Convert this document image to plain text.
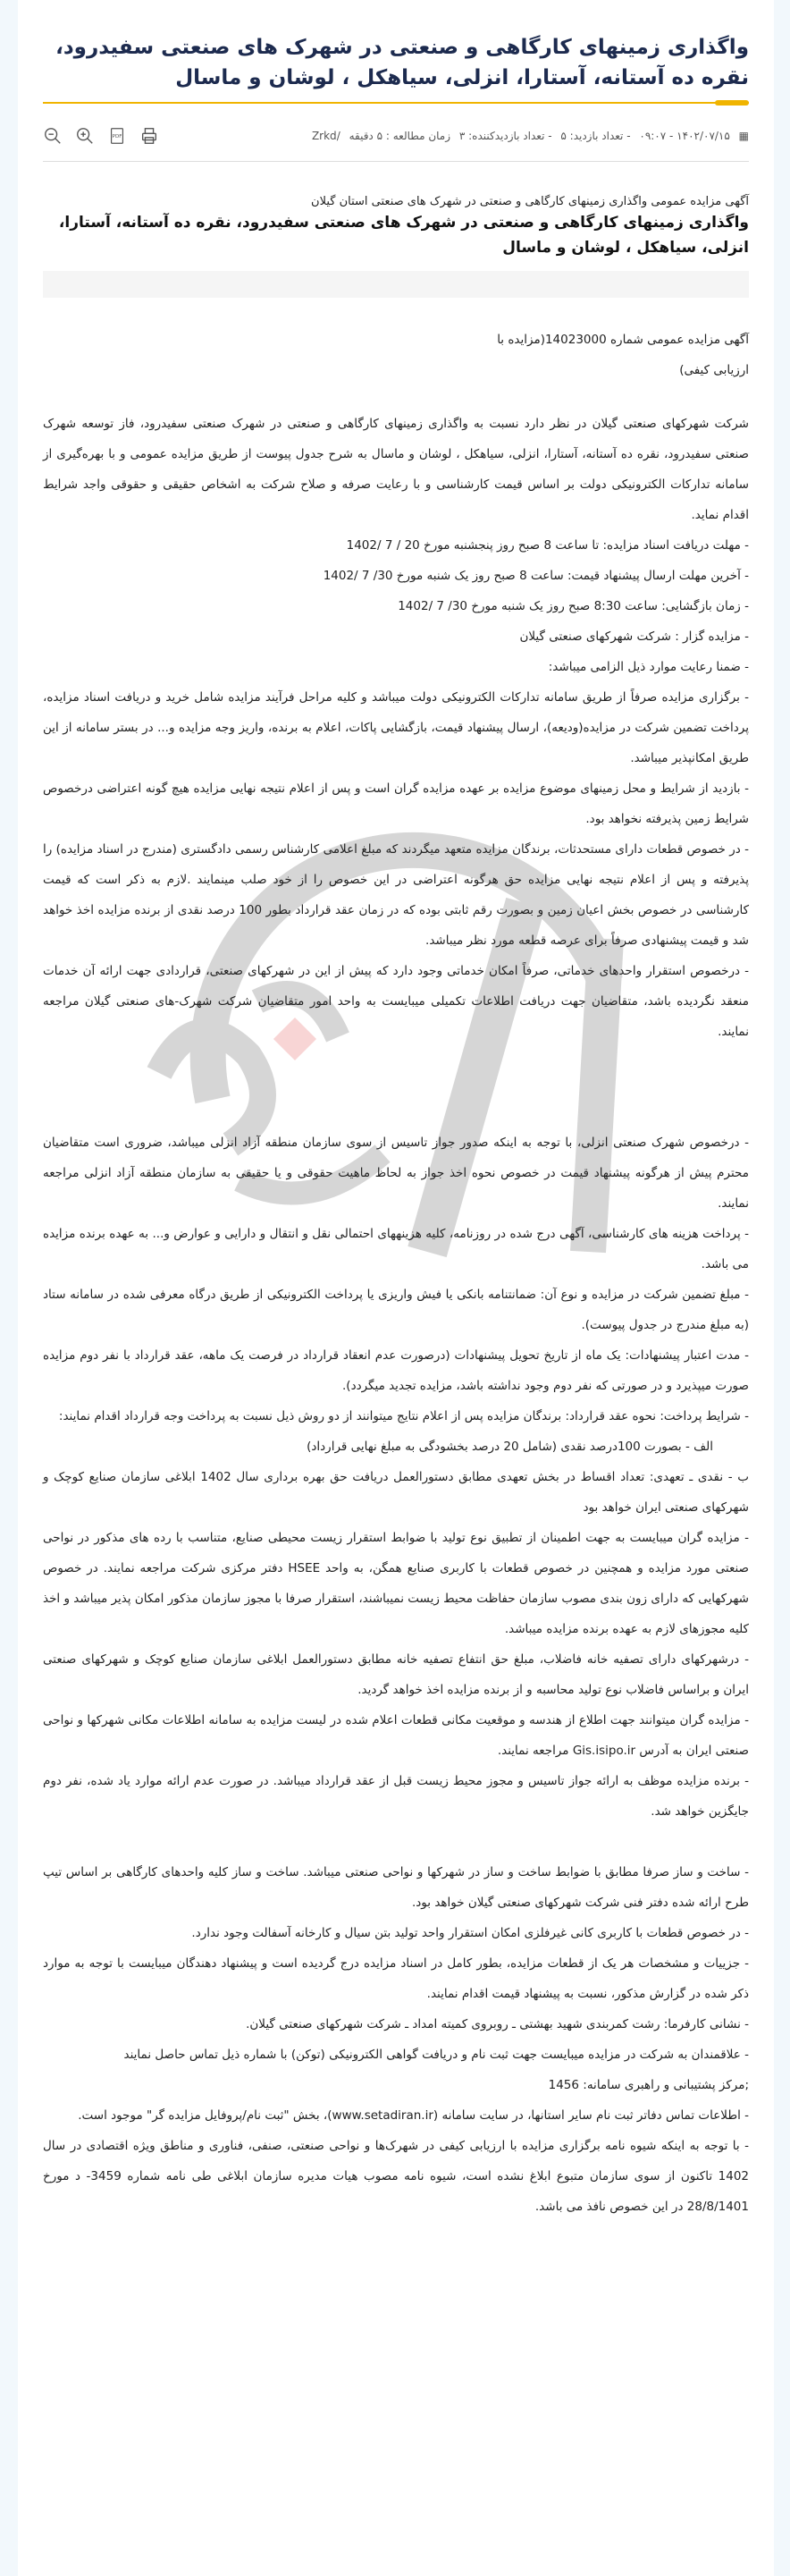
واگذاری زمینهای کارگاهی و صنعتی در شهرک های صنعتی سفیدرود، نقره ده آستانه، آستارا، انزلی، سیاهکل ، لوشان و ماسال
▦ ۱۴۰۲/۰۷/۱۵ - ۰۹:۰۷ - تعداد بازدید: ۵ - تعداد بازدیدکننده: ۳ زمان مطالعه : ۵ دقیقه /Zrkd
PDF
آگهی مزایده عمومی واگذاری زمینهای کارگاهی و صنعتی در شهرک های صنعتی استان گیلان
واگذاری زمینهای کارگاهی و صنعتی در شهرک های صنعتی سفیدرود، نقره ده آستانه، آستارا، انزلی، سیاهکل ، لوشان و ماسال

آگهی مزایده عمومی شماره 14023000(مزایده با

ارزیابی کیفی)

شرکت شهرکهای صنعتی گیلان در نظر دارد نسبت به واگذاری زمینهای کارگاهی و صنعتی در شهرک صنعتی سفیدرود، فاز توسعه شهرک صنعتی سفیدرود، نقره ده آستانه، آستارا، انزلی، سیاهکل ، لوشان و ماسال به شرح جدول پیوست از طریق مزایده عمومی و با بهره‌گیری از سامانه تدارکات الکترونیکی دولت بر اساس قیمت کارشناسی و با رعایت صرفه و صلاح شرکت به اشخاص حقیقی و حقوقی واجد شرایط اقدام نماید.

- مهلت دریافت اسناد مزایده: تا ساعت 8 صبح روز پنجشنبه مورخ 20 / 7 /1402

- آخرین مهلت ارسال پیشنهاد قیمت: ساعت 8 صبح روز یک شنبه مورخ 30/ 7 /1402

- زمان بازگشایی: ساعت 8:30 صبح روز یک شنبه مورخ 30/ 7 /1402

- مزایده گزار : شرکت شهرکهای صنعتی گیلان

- ضمنا رعایت موارد ذیل الزامی میباشد:

- برگزاری مزایده صرفاً از طریق سامانه تدارکات الکترونیکی دولت میباشد و کلیه مراحل فرآیند مزایده شامل خرید و دریافت اسناد مزایده، پرداخت تضمین شرکت در مزایده(ودیعه)، ارسال پیشنهاد قیمت، بازگشایی پاکات، اعلام به برنده، واریز وجه مزایده و... در بستر سامانه از این طریق امکانپذیر میباشد.

- بازدید از شرایط و محل زمینهای موضوع مزایده بر عهده مزایده گران است و پس از اعلام نتیجه نهایی مزایده هیچ گونه اعتراضی درخصوص شرایط زمین پذیرفته نخواهد بود.

- در خصوص قطعات دارای مستحدثات، برندگان مزایده متعهد میگردند که مبلغ اعلامی کارشناس رسمی دادگستری (مندرج در اسناد مزایده) را پذیرفته و پس از اعلام نتیجه نهایی مزایده حق هرگونه اعتراضی در این خصوص را از خود صلب مینمایند .لازم به ذکر است که قیمت کارشناسی در خصوص بخش اعیان زمین و بصورت رقم ثابتی بوده که در زمان عقد قرارداد بطور 100 درصد نقدی از برنده مزایده اخذ خواهد شد و قیمت پیشنهادی صرفاً برای عرصه قطعه مورد نظر میباشد.

- درخصوص استقرار واحدهای خدماتی، صرفاً امکان خدماتی وجود دارد که پیش از این در شهرکهای صنعتی، قراردادی جهت ارائه آن خدمات منعقد نگردیده باشد، متقاضیان جهت دریافت اطلاعات تکمیلی میبایست به واحد امور متقاضیان شرکت شهرک-های صنعتی گیلان مراجعه نمایند.

- درخصوص شهرک صنعتی انزلی، با توجه به اینکه صدور جواز تاسیس از سوی سازمان منطقه آزاد انزلی میباشد، ضروری است متقاضیان محترم پیش از هرگونه پیشنهاد قیمت در خصوص نحوه اخذ جواز به لحاظ ماهیت حقوقی و یا حقیقی به سازمان منطقه آزاد انزلی مراجعه نمایند.

- پرداخت هزینه های کارشناسی، آگهی درج شده در روزنامه، کلیه هزینههای احتمالی نقل و انتقال و دارایی و عوارض و... به عهده برنده مزایده می باشد.

- مبلغ تضمین شرکت در مزایده و نوع آن: ضمانتنامه بانکی یا فیش واریزی یا پرداخت الکترونیکی از طریق درگاه معرفی شده در سامانه ستاد (به مبلغ مندرج در جدول پیوست).

- مدت اعتبار پیشنهادات: یک ماه از تاریخ تحویل پیشنهادات (درصورت عدم انعقاد قرارداد در فرصت یک ماهه، عقد قرارداد با نفر دوم مزایده صورت میپذیرد و در صورتی که نفر دوم وجود نداشته باشد، مزایده تجدید میگردد).

- شرایط پرداخت: نحوه عقد قرارداد: برندگان مزایده پس از اعلام نتایج میتوانند از دو روش ذیل نسبت به پرداخت وجه قرارداد اقدام نمایند:

الف - بصورت 100درصد نقدی (شامل 20 درصد بخشودگی به مبلغ نهایی قرارداد)

ب - نقدی ـ تعهدی: تعداد اقساط در بخش تعهدی مطابق دستورالعمل دریافت حق بهره برداری سال 1402 ابلاغی سازمان صنایع کوچک و شهرکهای صنعتی ایران خواهد بود

- مزایده گران میبایست به جهت اطمینان از تطبیق نوع تولید با ضوابط استقرار زیست محیطی صنایع، متناسب با رده های مذکور در نواحی صنعتی مورد مزایده و همچنین در خصوص قطعات با کاربری صنایع همگن، به واحد HSEE دفتر مرکزی شرکت مراجعه نمایند. در خصوص شهرکهایی که دارای زون بندی مصوب سازمان حفاظت محیط زیست نمیباشند، استقرار صرفا با مجوز سازمان مذکور امکان پذیر میباشد و اخذ کلیه مجوزهای لازم به عهده برنده مزایده میباشد.

- درشهرکهای دارای تصفیه خانه فاضلاب، مبلغ حق انتفاع تصفیه خانه مطابق دستورالعمل ابلاغی سازمان صنایع کوچک و شهرکهای صنعتی ایران و براساس فاضلاب نوع تولید محاسبه و از برنده مزایده اخذ خواهد گردید.

- مزایده گران میتوانند جهت اطلاع از هندسه و موقعیت مکانی قطعات اعلام شده در لیست مزایده به سامانه اطلاعات مکانی شهرکها و نواحی صنعتی ایران به آدرس Gis.isipo.ir مراجعه نمایند.

- برنده مزایده موظف به ارائه جواز تاسیس و مجوز محیط زیست قبل از عقد قرارداد میباشد. در صورت عدم ارائه موارد یاد شده، نفر دوم جایگزین خواهد شد.

- ساخت و ساز صرفا مطابق با ضوابط ساخت و ساز در شهرکها و نواحی صنعتی میباشد. ساخت و ساز کلیه واحدهای کارگاهی بر اساس تیپ طرح ارائه شده دفتر فنی شرکت شهرکهای صنعتی گیلان خواهد بود.

- در خصوص قطعات با کاربری کانی غیرفلزی امکان استقرار واحد تولید بتن سیال و کارخانه آسفالت وجود ندارد.

- جزییات و مشخصات هر یک از قطعات مزایده، بطور کامل در اسناد مزایده درج گردیده است و پیشنهاد دهندگان میبایست با توجه به موارد ذکر شده در گزارش مذکور، نسبت به پیشنهاد قیمت اقدام نمایند.

- نشانی کارفرما: رشت کمربندی شهید بهشتی ـ روبروی کمیته امداد ـ شرکت شهرکهای صنعتی گیلان.

- علاقمندان به شرکت در مزایده میبایست جهت ثبت نام و دریافت گواهی الکترونیکی (توکن) با شماره ذیل تماس حاصل نمایند

;مرکز پشتیبانی و راهبری سامانه: 1456

- اطلاعات تماس دفاتر ثبت نام سایر استانها، در سایت سامانه (www.setadiran.ir)، بخش "ثبت نام/پروفایل مزایده گر" موجود است.

- با توجه به اینکه شیوه نامه برگزاری مزایده با ارزیابی کیفی در شهرک‌ها و نواحی صنعتی، صنفی، فناوری و مناطق ویژه اقتصادی در سال 1402 تاکنون از سوی سازمان متبوع ابلاغ نشده است، شیوه نامه مصوب هیات مدیره سازمان ابلاغی طی نامه شماره 3459- د مورخ 28/8/1401 در این خصوص نافذ می باشد.
